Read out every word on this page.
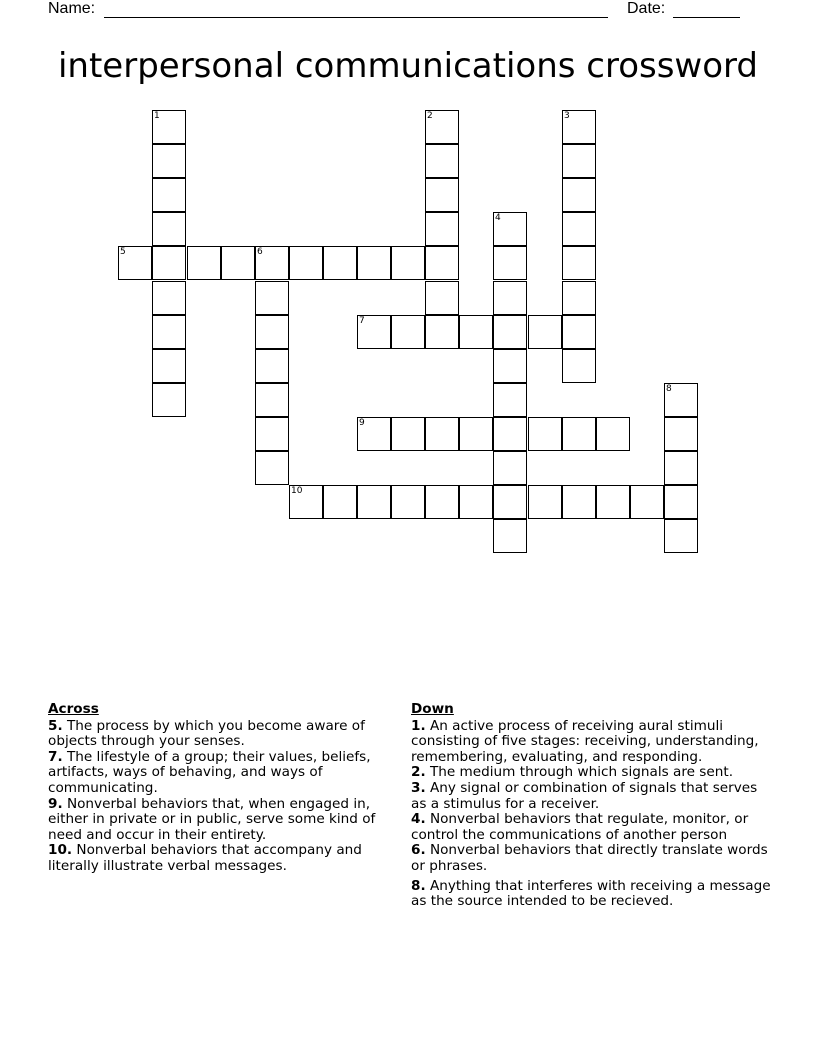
Name:	Date:
interpersonal communications crossword
1	2	3
4
5	6
7
8
9
10
Across
5. The process by which you become aware of objects through your senses.
7. The lifestyle of a group; their values, beliefs, artifacts, ways of behaving, and ways of communicating.
9. Nonverbal behaviors that, when engaged in, either in private or in public, serve some kind of need and occur in their entirety.
10. Nonverbal behaviors that accompany and literally illustrate verbal messages.
Down
1. An active process of receiving aural stimuli consisting of five stages: receiving, understanding, remembering, evaluating, and responding.
2. The medium through which signals are sent.
3. Any signal or combination of signals that serves as a stimulus for a receiver.
4. Nonverbal behaviors that regulate, monitor, or control the communications of another person
6. Nonverbal behaviors that directly translate words or phrases.
8. Anything that interferes with receiving a message as the source intended to be recieved.
